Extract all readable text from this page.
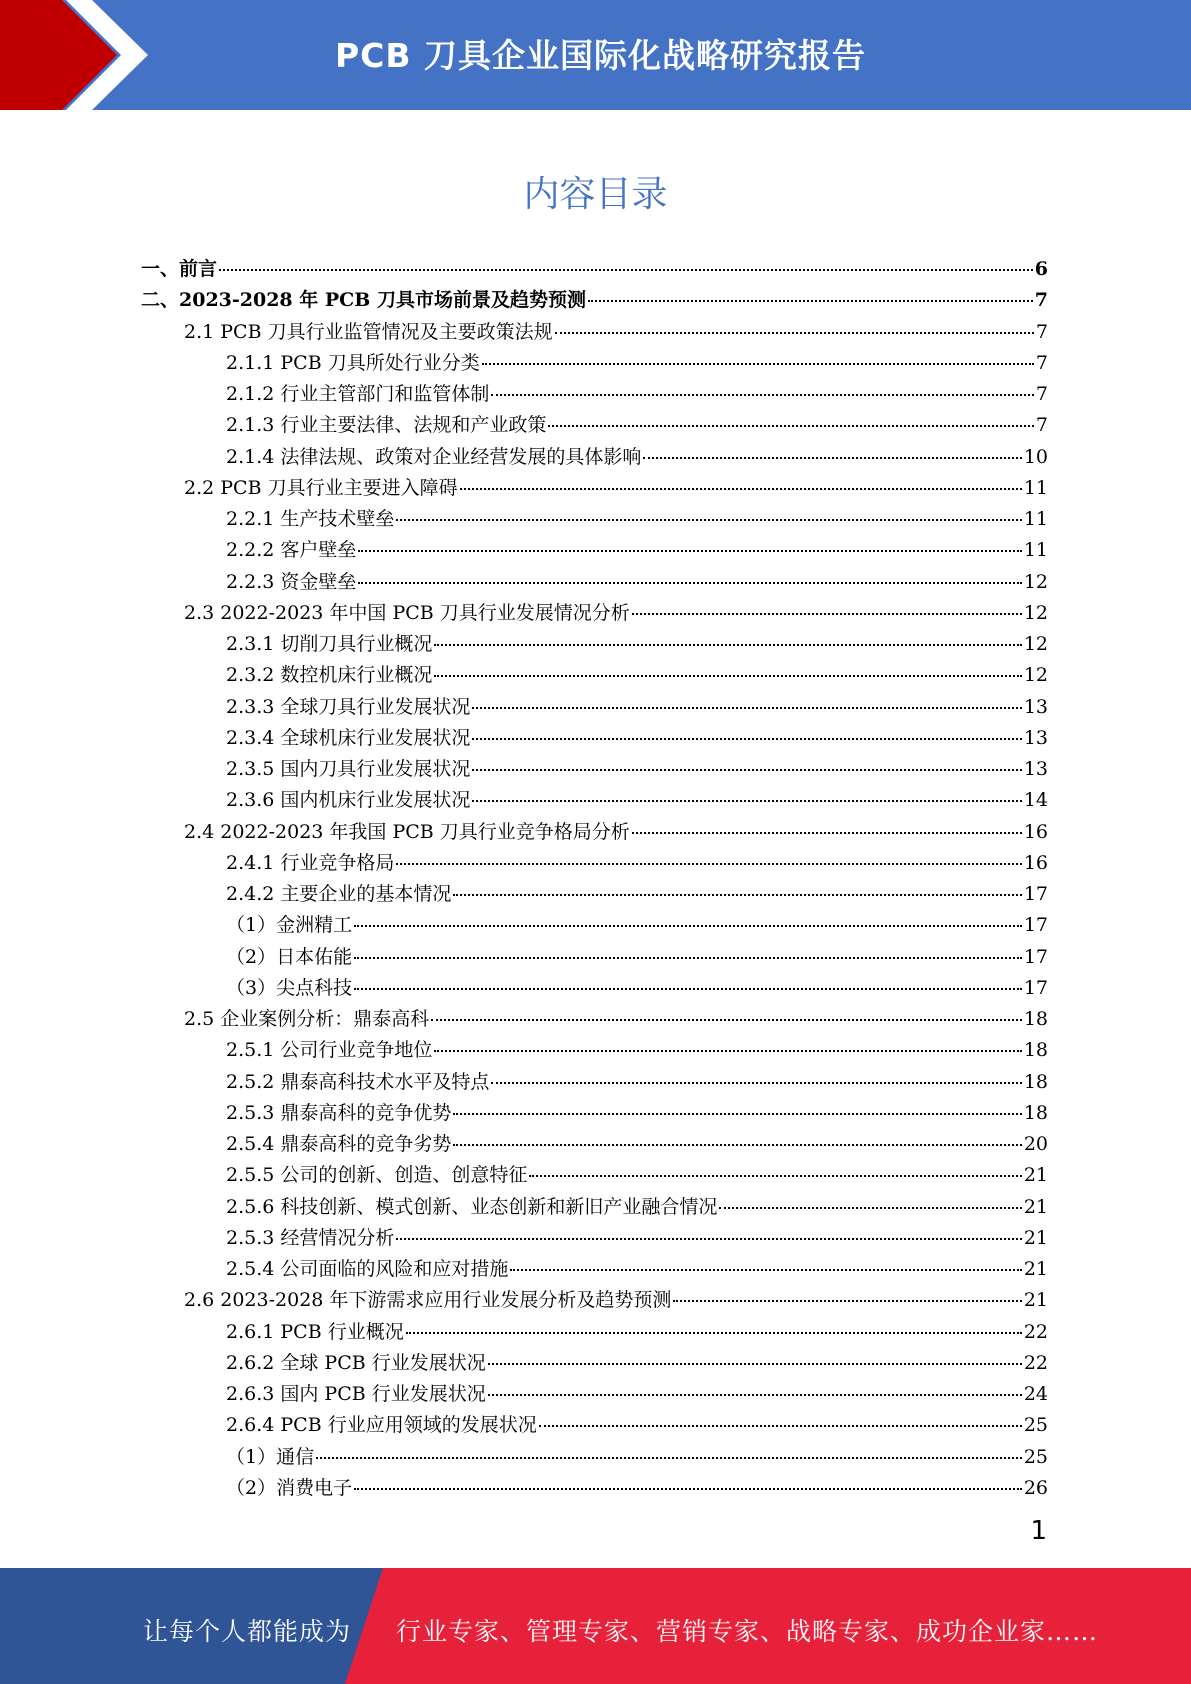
PCB 刀具企业国际化战略研究报告
内容目录
一、前言	6
二、2023-2028 年 PCB 刀具市场前景及趋势预测	7
2.1 PCB 刀具行业监管情况及主要政策法规	7
2.1.1 PCB 刀具所处行业分类	7
2.1.2 行业主管部门和监管体制	7
2.1.3 行业主要法律、法规和产业政策	7
2.1.4 法律法规、政策对企业经营发展的具体影响	10
2.2 PCB 刀具行业主要进入障碍	11
2.2.1 生产技术壁垒	11
2.2.2 客户壁垒	11
2.2.3 资金壁垒	12
2.3 2022-2023 年中国 PCB 刀具行业发展情况分析	12
2.3.1 切削刀具行业概况	12
2.3.2 数控机床行业概况	12
2.3.3 全球刀具行业发展状况	13
2.3.4 全球机床行业发展状况	13
2.3.5 国内刀具行业发展状况	13
2.3.6 国内机床行业发展状况	14
2.4 2022-2023 年我国 PCB 刀具行业竞争格局分析	16
2.4.1 行业竞争格局	16
2.4.2 主要企业的基本情况	17
（1）金洲精工	17
（2）日本佑能	17
（3）尖点科技	17
2.5 企业案例分析：鼎泰高科	18
2.5.1 公司行业竞争地位	18
2.5.2 鼎泰高科技术水平及特点	18
2.5.3 鼎泰高科的竞争优势	18
2.5.4 鼎泰高科的竞争劣势	20
2.5.5 公司的创新、创造、创意特征	21
2.5.6 科技创新、模式创新、业态创新和新旧产业融合情况	21
2.5.3 经营情况分析	21
2.5.4 公司面临的风险和应对措施	21
2.6 2023-2028 年下游需求应用行业发展分析及趋势预测	21
2.6.1 PCB 行业概况	22
2.6.2 全球 PCB 行业发展状况	22
2.6.3 国内 PCB 行业发展状况	24
2.6.4 PCB 行业应用领域的发展状况	25
（1）通信	25
（2）消费电子	26
1
让每个人都能成为 行业专家、管理专家、营销专家、战略专家、成功企业家……
